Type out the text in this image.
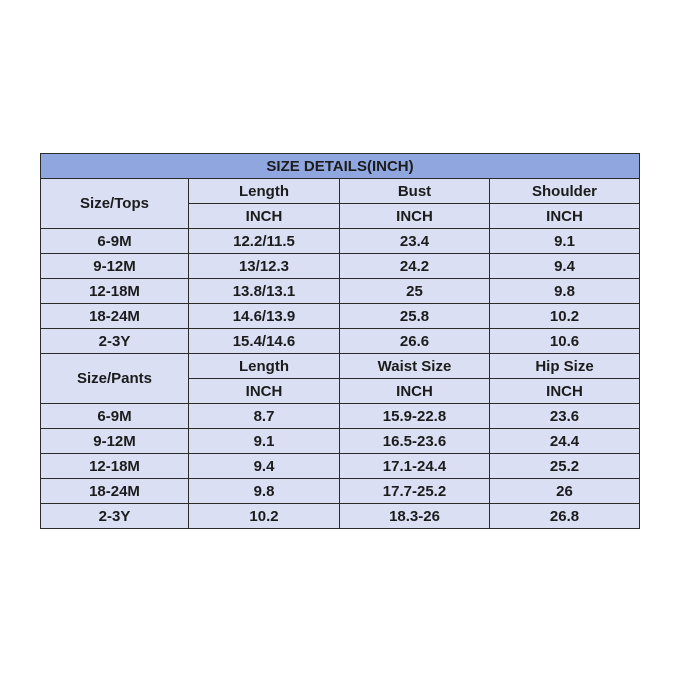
SIZE DETAILS(INCH)			
Size/Tops	Length	Bust	Shoulder
	INCH	INCH	INCH
6-9M	12.2/11.5	23.4	9.1
9-12M	13/12.3	24.2	9.4
12-18M	13.8/13.1	25	9.8
18-24M	14.6/13.9	25.8	10.2
2-3Y	15.4/14.6	26.6	10.6
Size/Pants	Length	Waist Size	Hip Size
	INCH	INCH	INCH
6-9M	8.7	15.9-22.8	23.6
9-12M	9.1	16.5-23.6	24.4
12-18M	9.4	17.1-24.4	25.2
18-24M	9.8	17.7-25.2	26
2-3Y	10.2	18.3-26	26.8
